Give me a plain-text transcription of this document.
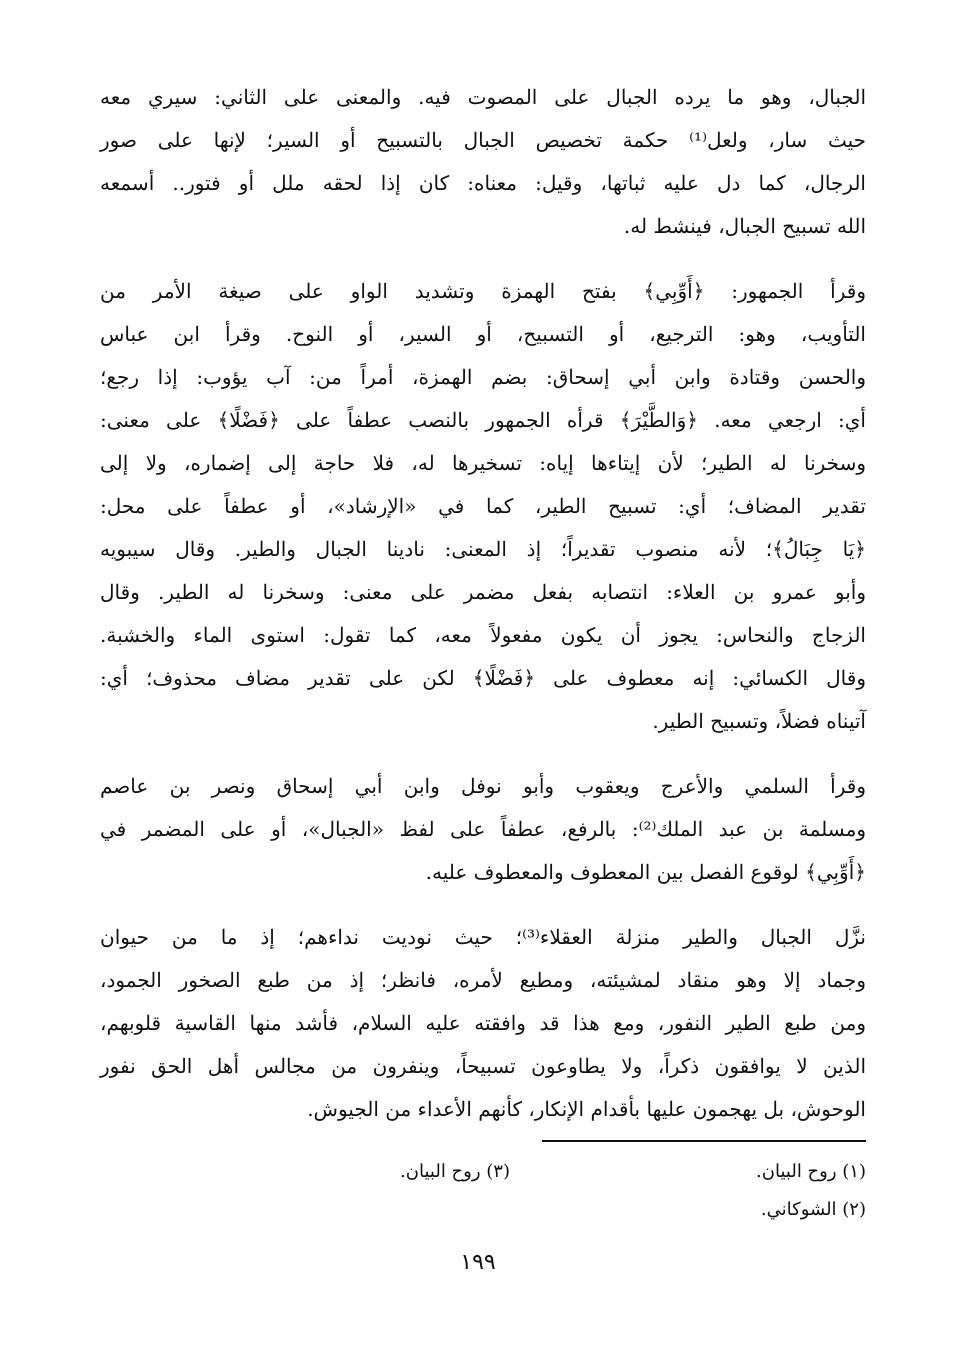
الجبال، وهو ما يرده الجبال على المصوت فيه. والمعنى على الثاني: سيري معه
حيث سار، ولعل⁽¹⁾ حكمة تخصيص الجبال بالتسبيح أو السير؛ لإنها على صور
الرجال، كما دل عليه ثباتها، وقيل: معناه: كان إذا لحقه ملل أو فتور.. أسمعه
الله تسبيح الجبال، فينشط له.
وقرأ الجمهور: ﴿أَوِّبِي﴾ بفتح الهمزة وتشديد الواو على صيغة الأمر من
التأويب، وهو: الترجيع، أو التسبيح، أو السير، أو النوح. وقرأ ابن عباس
والحسن وقتادة وابن أبي إسحاق: بضم الهمزة، أمراً من: آب يؤوب: إذا رجع؛
أي: ارجعي معه. ﴿وَالطَّيْرَ﴾ قرأه الجمهور بالنصب عطفاً على ﴿فَضْلًا﴾ على معنى:
وسخرنا له الطير؛ لأن إيتاءها إياه: تسخيرها له، فلا حاجة إلى إضماره، ولا إلى
تقدير المضاف؛ أي: تسبيح الطير، كما في «الإرشاد»، أو عطفاً على محل:
﴿يَا جِبَالُ﴾؛ لأنه منصوب تقديراً؛ إذ المعنى: نادينا الجبال والطير. وقال سيبويه
وأبو عمرو بن العلاء: انتصابه بفعل مضمر على معنى: وسخرنا له الطير. وقال
الزجاج والنحاس: يجوز أن يكون مفعولاً معه، كما تقول: استوى الماء والخشبة.
وقال الكسائي: إنه معطوف على ﴿فَضْلًا﴾ لكن على تقدير مضاف محذوف؛ أي:
آتيناه فضلاً، وتسبيح الطير.
وقرأ السلمي والأعرج ويعقوب وأبو نوفل وابن أبي إسحاق ونصر بن عاصم
ومسلمة بن عبد الملك⁽²⁾: بالرفع، عطفاً على لفظ «الجبال»، أو على المضمر في
﴿أَوِّبِي﴾ لوقوع الفصل بين المعطوف والمعطوف عليه.
نزَّل الجبال والطير منزلة العقلاء⁽³⁾؛ حيث نوديت نداءهم؛ إذ ما من حيوان
وجماد إلا وهو منقاد لمشيئته، ومطيع لأمره، فانظر؛ إذ من طبع الصخور الجمود،
ومن طبع الطير النفور، ومع هذا قد وافقته عليه السلام، فأشد منها القاسية قلوبهم،
الذين لا يوافقون ذكراً، ولا يطاوعون تسبيحاً، وينفرون من مجالس أهل الحق نفور
الوحوش، بل يهجمون عليها بأقدام الإنكار، كأنهم الأعداء من الجيوش.
(١) روح البيان.
(٣) روح البيان.
(٢) الشوكاني.
١٩٩
